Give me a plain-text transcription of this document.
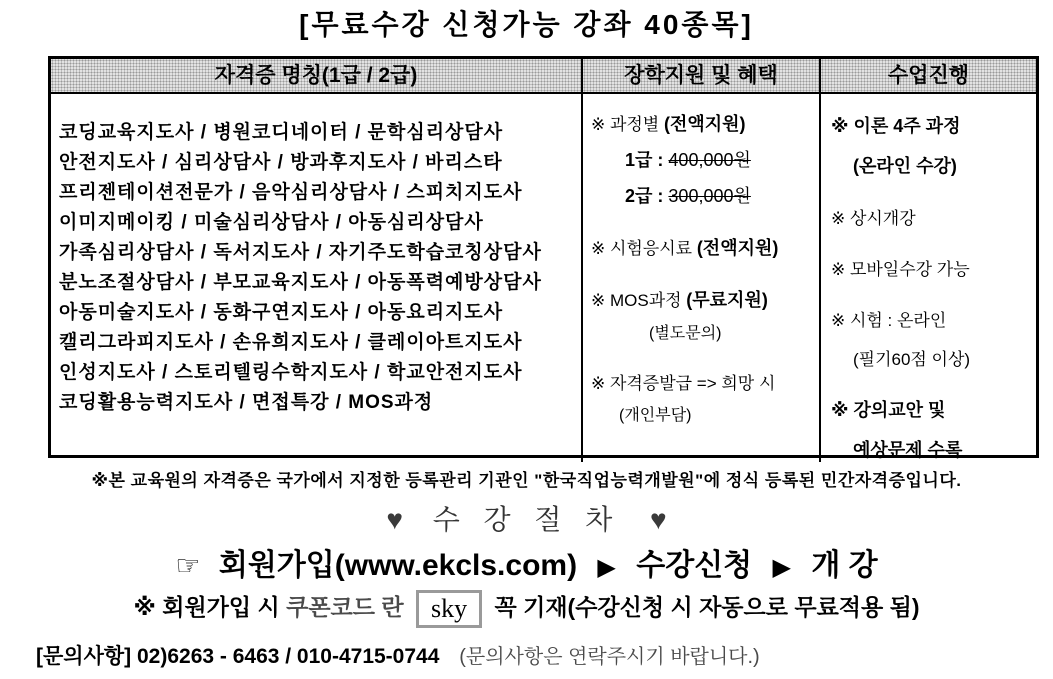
[무료수강 신청가능 강좌 40종목]
자격증 명칭(1급 / 2급)	장학지원 및 혜택	수업진행
코딩교육지도사 / 병원코디네이터 / 문학심리상담사
안전지도사 / 심리상담사 / 방과후지도사 / 바리스타
프리젠테이션전문가 / 음악심리상담사 / 스피치지도사
이미지메이킹 / 미술심리상담사 / 아동심리상담사
가족심리상담사 / 독서지도사 / 자기주도학습코칭상담사
분노조절상담사 / 부모교육지도사 / 아동폭력예방상담사
아동미술지도사 / 동화구연지도사 / 아동요리지도사
캘리그라피지도사 / 손유희지도사 / 클레이아트지도사
인성지도사 / 스토리텔링수학지도사 / 학교안전지도사
코딩활용능력지도사 / 면접특강 / MOS과정
※ 과정별 (전액지원)
1급 : 400,000원
2급 : 300,000원
※ 시험응시료 (전액지원)
※ MOS과정 (무료지원)
(별도문의)
※ 자격증발급 => 희망 시
(개인부담)
※ 이론 4주 과정
(온라인 수강)
※ 상시개강
※ 모바일수강 가능
※ 시험 : 온라인
(필기60점 이상)
※ 강의교안 및
예상문제 수록
※본 교육원의 자격증은 국가에서 지정한 등록관리 기관인 "한국직업능력개발원"에 정식 등록된 민간자격증입니다.
♥ 수 강 절 차 ♥
☞ 회원가입(www.ekcls.com) ▶ 수강신청 ▶ 개 강
※ 회원가입 시 쿠폰코드 란 sky 꼭 기재(수강신청 시 자동으로 무료적용 됨)
[문의사항] 02)6263 - 6463 / 010-4715-0744 (문의사항은 연락주시기 바랍니다.)
